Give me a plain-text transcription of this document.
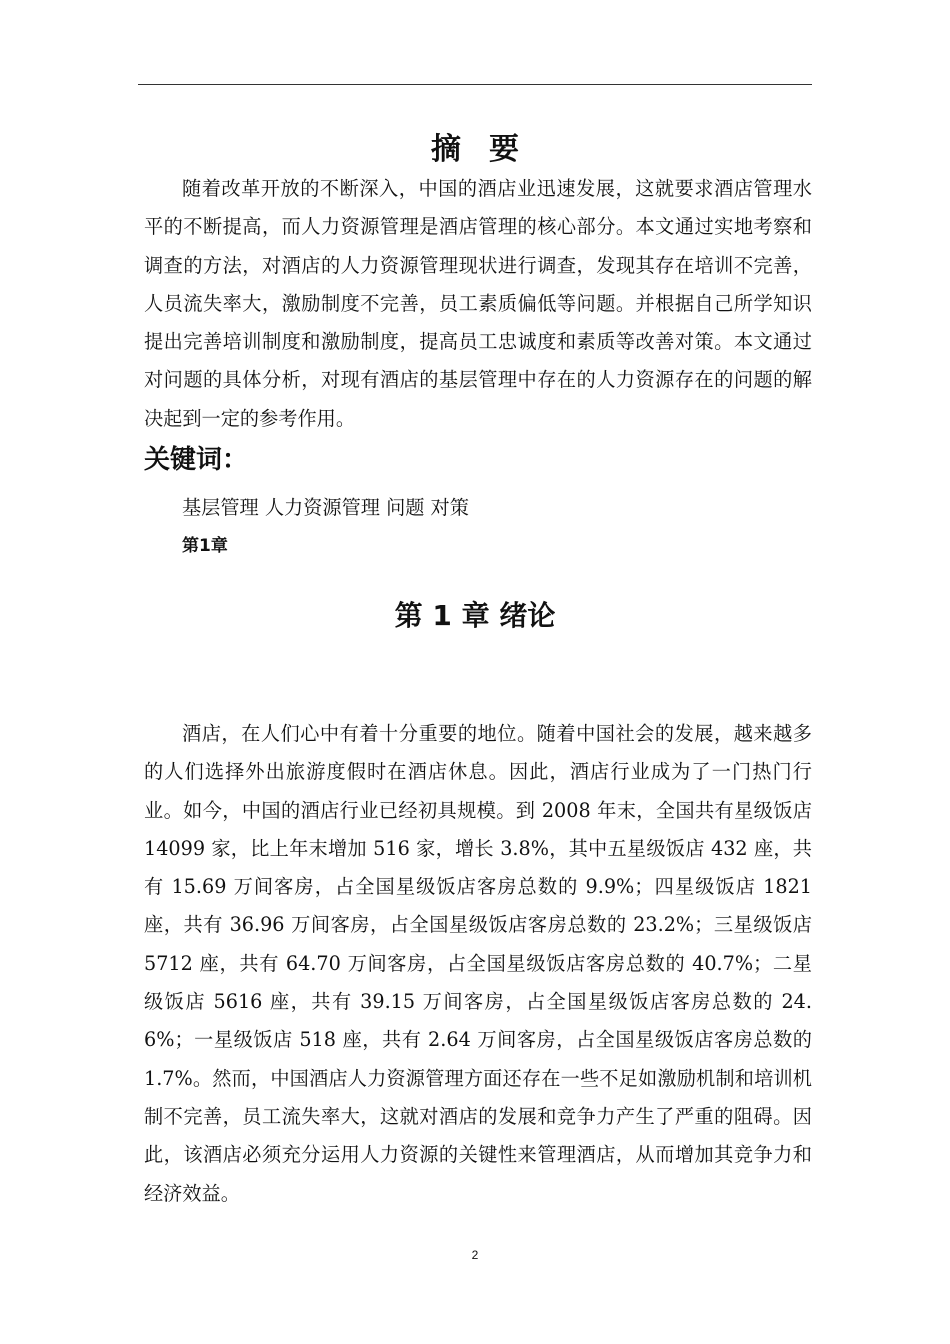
摘要

随着改革开放的不断深入，中国的酒店业迅速发展，这就要求酒店管理水平的不断提高，而人力资源管理是酒店管理的核心部分。本文通过实地考察和调查的方法，对酒店的人力资源管理现状进行调查，发现其存在培训不完善，人员流失率大，激励制度不完善，员工素质偏低等问题。并根据自己所学知识提出完善培训制度和激励制度，提高员工忠诚度和素质等改善对策。本文通过对问题的具体分析，对现有酒店的基层管理中存在的人力资源存在的问题的解决起到一定的参考作用。

关键词：
基层管理 人力资源管理 问题 对策
第1章
第 1 章 绪论

酒店，在人们心中有着十分重要的地位。随着中国社会的发展，越来越多的人们选择外出旅游度假时在酒店休息。因此，酒店行业成为了一门热门行业。如今，中国的酒店行业已经初具规模。到 2008 年末，全国共有星级饭店 14099 家，比上年末增加 516 家，增长 3.8%，其中五星级饭店 432 座，共有 15.69 万间客房，占全国星级饭店客房总数的 9.9%；四星级饭店 1821 座，共有 36.96 万间客房，占全国星级饭店客房总数的 23.2%；三星级饭店 5712 座，共有 64.70 万间客房，占全国星级饭店客房总数的 40.7%；二星级饭店 5616 座，共有 39.15 万间客房，占全国星级饭店客房总数的 24.6%；一星级饭店 518 座，共有 2.64 万间客房，占全国星级饭店客房总数的 1.7%。然而，中国酒店人力资源管理方面还存在一些不足如激励机制和培训机制不完善，员工流失率大，这就对酒店的发展和竞争力产生了严重的阻碍。因此，该酒店必须充分运用人力资源的关键性来管理酒店，从而增加其竞争力和经济效益。

2
